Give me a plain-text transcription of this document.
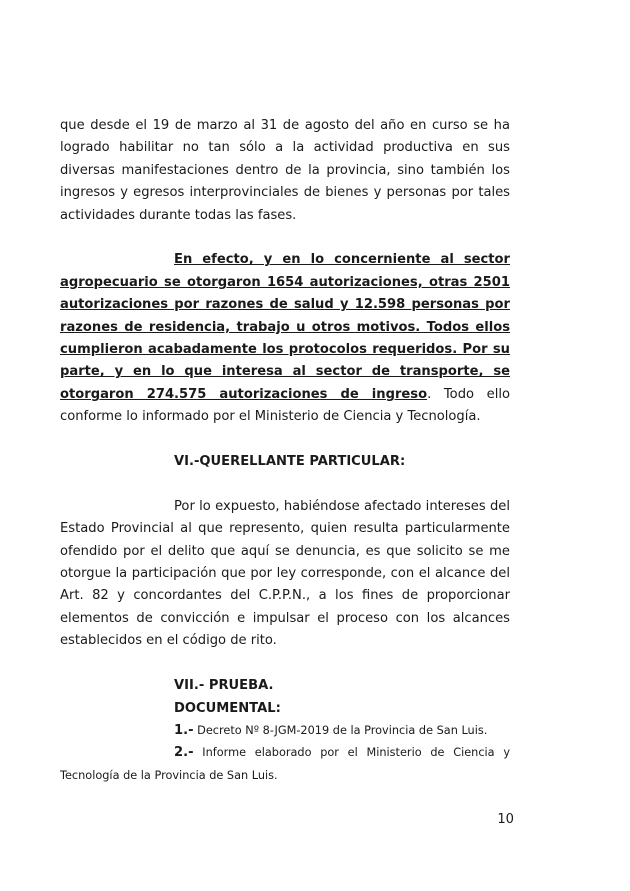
que desde el 19 de marzo al 31 de agosto del año en curso se ha logrado habilitar no tan sólo a la actividad productiva en sus diversas manifestaciones dentro de la provincia, sino también los ingresos y egresos interprovinciales de bienes y personas por tales actividades durante todas las fases.

En efecto, y en lo concerniente al sector agropecuario se otorgaron 1654 autorizaciones, otras 2501 autorizaciones por razones de salud y 12.598 personas por razones de residencia, trabajo u otros motivos. Todos ellos cumplieron acabadamente los protocolos requeridos. Por su parte, y en lo que interesa al sector de transporte, se otorgaron 274.575 autorizaciones de ingreso. Todo ello conforme lo informado por el Ministerio de Ciencia y Tecnología.

VI.-QUERELLANTE PARTICULAR:

Por lo expuesto, habiéndose afectado intereses del Estado Provincial al que represento, quien resulta particularmente ofendido por el delito que aquí se denuncia, es que solicito se me otorgue la participación que por ley corresponde, con el alcance del Art. 82 y concordantes del C.P.P.N., a los fines de proporcionar elementos de convicción e impulsar el proceso con los alcances establecidos en el código de rito.

VII.- PRUEBA.

DOCUMENTAL:

1.- Decreto Nº 8-JGM-2019 de la Provincia de San Luis.

2.- Informe elaborado por el Ministerio de Ciencia y Tecnología de la Provincia de San Luis.

10
